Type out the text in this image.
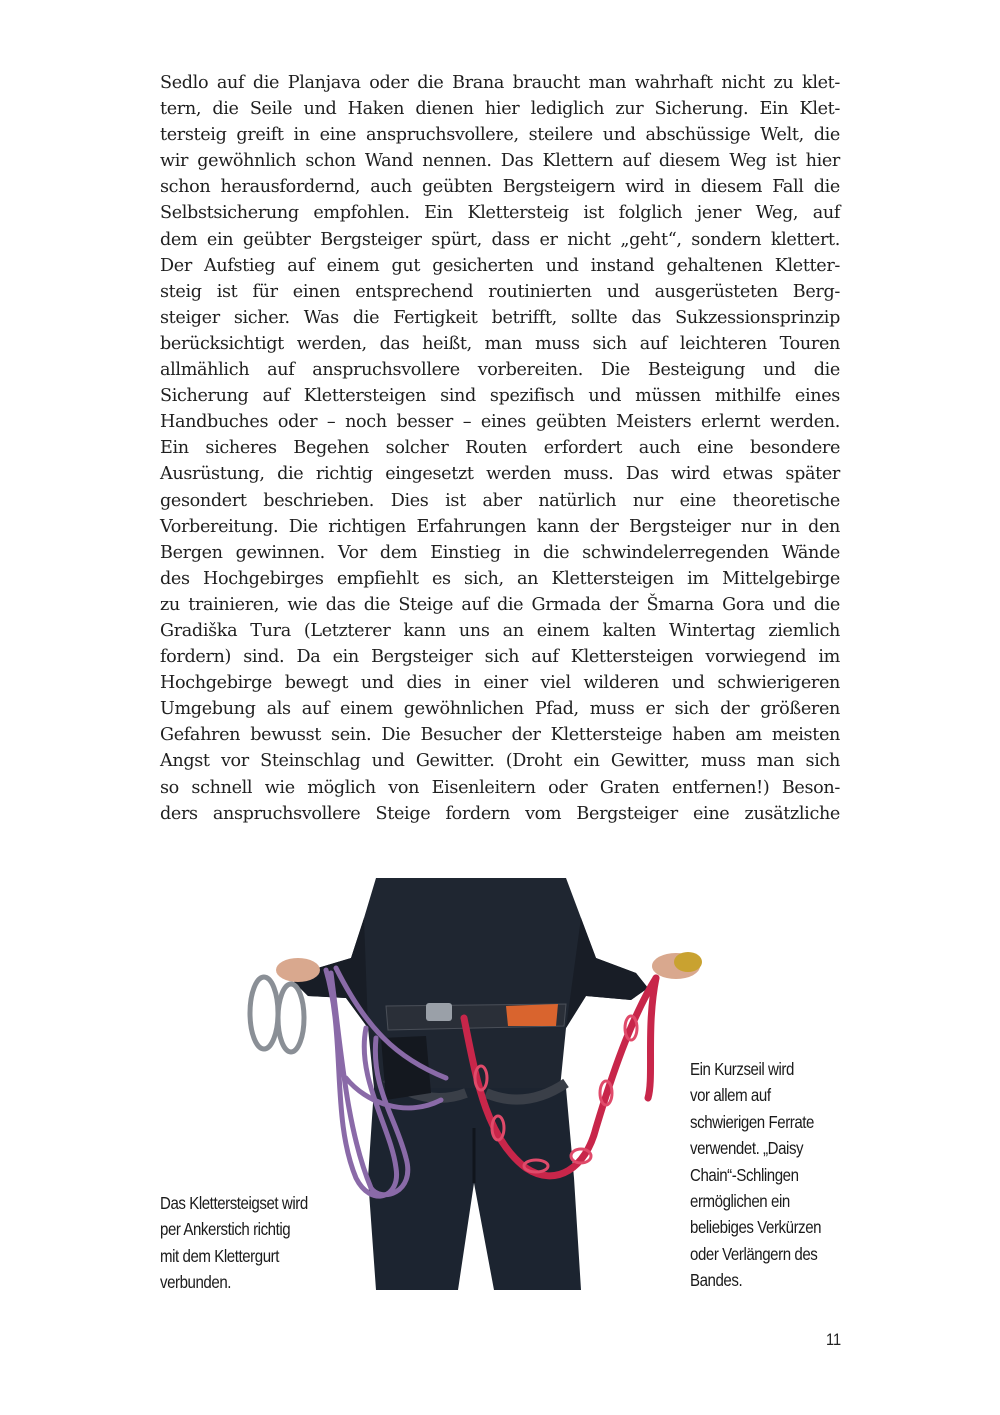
Sedlo auf die Planjava oder die Brana braucht man wahrhaft nicht zu klet-
tern, die Seile und Haken dienen hier lediglich zur Sicherung. Ein Klet-
tersteig greift in eine anspruchsvollere, steilere und abschüssige Welt, die
wir gewöhnlich schon Wand nennen. Das Klettern auf diesem Weg ist hier
schon herausfordernd, auch geübten Bergsteigern wird in diesem Fall die
Selbstsicherung empfohlen. Ein Klettersteig ist folglich jener Weg, auf
dem ein geübter Bergsteiger spürt, dass er nicht „geht“, sondern klettert.
Der Aufstieg auf einem gut gesicherten und instand gehaltenen Kletter-
steig ist für einen entsprechend routinierten und ausgerüsteten Berg-
steiger sicher. Was die Fertigkeit betrifft, sollte das Sukzessionsprinzip
berücksichtigt werden, das heißt, man muss sich auf leichteren Touren
allmählich auf anspruchsvollere vorbereiten. Die Besteigung und die
Sicherung auf Klettersteigen sind spezifisch und müssen mithilfe eines
Handbuches oder – noch besser – eines geübten Meisters erlernt werden.
Ein sicheres Begehen solcher Routen erfordert auch eine besondere
Ausrüstung, die richtig eingesetzt werden muss. Das wird etwas später
gesondert beschrieben. Dies ist aber natürlich nur eine theoretische
Vorbereitung. Die richtigen Erfahrungen kann der Bergsteiger nur in den
Bergen gewinnen. Vor dem Einstieg in die schwindelerregenden Wände
des Hochgebirges empfiehlt es sich, an Klettersteigen im Mittelgebirge
zu trainieren, wie das die Steige auf die Grmada der Šmarna Gora und die
Gradiška Tura (Letzterer kann uns an einem kalten Wintertag ziemlich
fordern) sind. Da ein Bergsteiger sich auf Klettersteigen vorwiegend im
Hochgebirge bewegt und dies in einer viel wilderen und schwierigeren
Umgebung als auf einem gewöhnlichen Pfad, muss er sich der größeren
Gefahren bewusst sein. Die Besucher der Klettersteige haben am meisten
Angst vor Steinschlag und Gewitter. (Droht ein Gewitter, muss man sich
so schnell wie möglich von Eisenleitern oder Graten entfernen!) Beson-
ders anspruchsvollere Steige fordern vom Bergsteiger eine zusätzliche
Das Klettersteigset wird
per Ankerstich richtig
mit dem Klettergurt
verbunden.
Ein Kurzseil wird
vor allem auf
schwierigen Ferrate
verwendet. „Daisy
Chain“-Schlingen
ermöglichen ein
beliebiges Verkürzen
oder Verlängern des
Bandes.
11
